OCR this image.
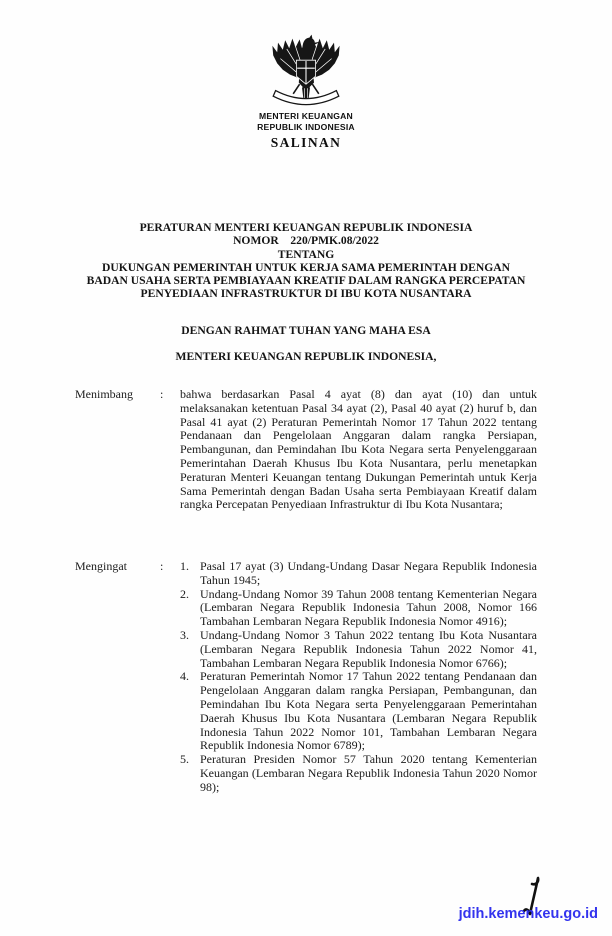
MENTERI KEUANGAN
REPUBLIK INDONESIA
SALINAN
PERATURAN MENTERI KEUANGAN REPUBLIK INDONESIA
NOMOR    220/PMK.08/2022
TENTANG
DUKUNGAN PEMERINTAH UNTUK KERJA SAMA PEMERINTAH DENGAN
BADAN USAHA SERTA PEMBIAYAAN KREATIF DALAM RANGKA PERCEPATAN
PENYEDIAAN INFRASTRUKTUR DI IBU KOTA NUSANTARA
DENGAN RAHMAT TUHAN YANG MAHA ESA
MENTERI KEUANGAN REPUBLIK INDONESIA,
Menimbang	:	bahwa berdasarkan Pasal 4 ayat (8) dan ayat (10) dan untuk melaksanakan ketentuan Pasal 34 ayat (2), Pasal 40 ayat (2) huruf b, dan Pasal 41 ayat (2) Peraturan Pemerintah Nomor 17 Tahun 2022 tentang Pendanaan dan Pengelolaan Anggaran dalam rangka Persiapan, Pembangunan, dan Pemindahan Ibu Kota Negara serta Penyelenggaraan Pemerintahan Daerah Khusus Ibu Kota Nusantara, perlu menetapkan Peraturan Menteri Keuangan tentang Dukungan Pemerintah untuk Kerja Sama Pemerintah dengan Badan Usaha serta Pembiayaan Kreatif dalam rangka Percepatan Penyediaan Infrastruktur di Ibu Kota Nusantara;
Mengingat	:	1. Pasal 17 ayat (3) Undang-Undang Dasar Negara Republik Indonesia Tahun 1945;
2. Undang-Undang Nomor 39 Tahun 2008 tentang Kementerian Negara (Lembaran Negara Republik Indonesia Tahun 2008, Nomor 166 Tambahan Lembaran Negara Republik Indonesia Nomor 4916);
3. Undang-Undang Nomor 3 Tahun 2022 tentang Ibu Kota Nusantara (Lembaran Negara Republik Indonesia Tahun 2022 Nomor 41, Tambahan Lembaran Negara Republik Indonesia Nomor 6766);
4. Peraturan Pemerintah Nomor 17 Tahun 2022 tentang Pendanaan dan Pengelolaan Anggaran dalam rangka Persiapan, Pembangunan, dan Pemindahan Ibu Kota Negara serta Penyelenggaraan Pemerintahan Daerah Khusus Ibu Kota Nusantara (Lembaran Negara Republik Indonesia Tahun 2022 Nomor 101, Tambahan Lembaran Negara Republik Indonesia Nomor 6789);
5. Peraturan Presiden Nomor 57 Tahun 2020 tentang Kementerian Keuangan (Lembaran Negara Republik Indonesia Tahun 2020 Nomor 98);
jdih.kemenkeu.go.id
